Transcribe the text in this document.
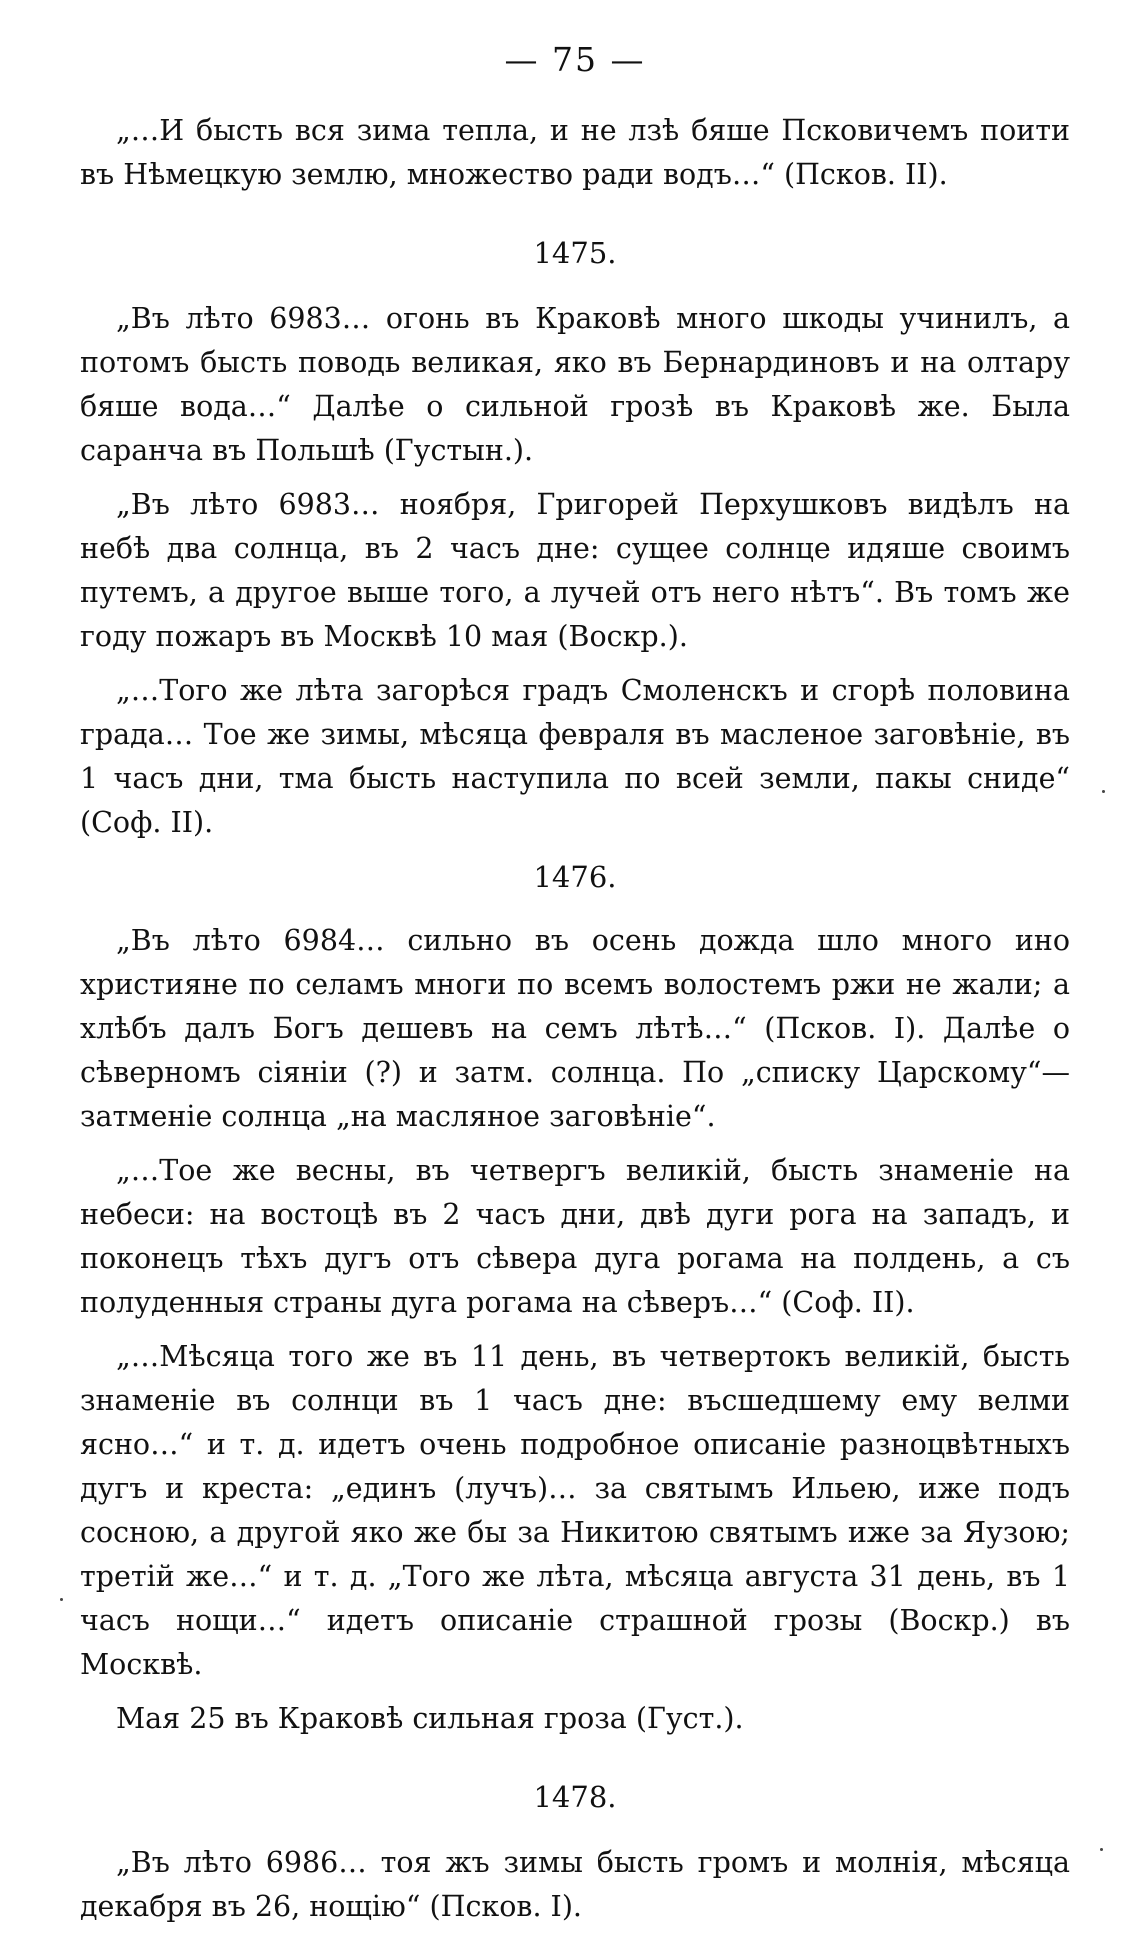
— 75 —

„…И бысть вся зима тепла, и не лзѣ бяше Псковичемъ поити въ Нѣмецкую землю, множество ради водъ…“ (Псков. II).

1475.

„Въ лѣто 6983… огонь въ Краковѣ много шкоды учинилъ, а потомъ бысть поводь великая, яко въ Бернардиновъ и на олтару бяше вода…“ Далѣе о сильной грозѣ въ Краковѣ же. Была саранча въ Польшѣ (Густын.).

„Въ лѣто 6983… ноября, Григорей Перхушковъ видѣлъ на небѣ два солнца, въ 2 часъ дне: сущее солнце идяше своимъ путемъ, а другое выше того, а лучей отъ него нѣтъ“. Въ томъ же году пожаръ въ Москвѣ 10 мая (Воскр.).

„…Того же лѣта загорѣся градъ Смоленскъ и сгорѣ половина града… Тое же зимы, мѣсяца февраля въ масленое заговѣніе, въ 1 часъ дни, тма бысть наступила по всей земли, пакы сниде“ (Соф. II).

1476.

„Въ лѣто 6984… сильно въ осень дожда шло много ино християне по селамъ многи по всемъ волостемъ ржи не жали; а хлѣбъ далъ Богъ дешевъ на семъ лѣтѣ…“ (Псков. I). Далѣе о сѣверномъ сіяніи (?) и затм. солнца. По „списку Царскому“—затменіе солнца „на масляное заговѣніе“.

„…Тое же весны, въ четвергъ великій, бысть знаменіе на небеси: на востоцѣ въ 2 часъ дни, двѣ дуги рога на западъ, и поконецъ тѣхъ дугъ отъ сѣвера дуга рогама на полдень, а съ полуденныя страны дуга рогама на сѣверъ…“ (Соф. II).

„…Мѣсяца того же въ 11 день, въ четвертокъ великій, бысть знаменіе въ солнци въ 1 часъ дне: въсшедшему ему велми ясно…“ и т. д. идетъ очень подробное описаніе разноцвѣтныхъ дугъ и креста: „единъ (лучъ)… за святымъ Ильею, иже подъ сосною, а другой яко же бы за Никитою святымъ иже за Яузою; третій же…“ и т. д. „Того же лѣта, мѣсяца августа 31 день, въ 1 часъ нощи…“ идетъ описаніе страшной грозы (Воскр.) въ Москвѣ.

Мая 25 въ Краковѣ сильная гроза (Густ.).

1478.

„Въ лѣто 6986… тоя жъ зимы бысть громъ и молнія, мѣсяца декабря въ 26, нощію“ (Псков. I).
